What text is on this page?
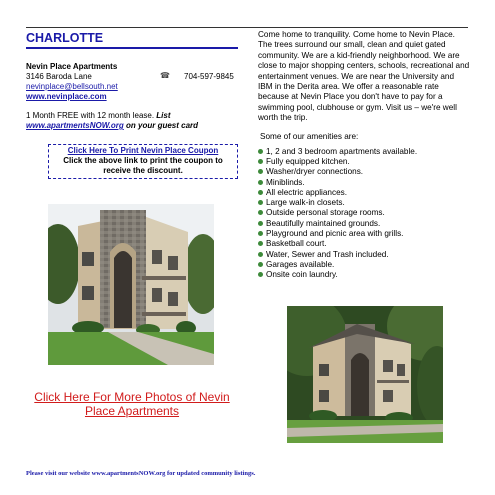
CHARLOTTE
Nevin Place Apartments
3146 Baroda Lane	☎ 704-597-9845
nevinplace@bellsouth.net
www.nevinplace.com
1 Month FREE with 12 month lease. List www.apartmentsNOW.org on your guest card
Click Here To Print Nevin Place Coupon
Click the above link to print the coupon to receive the discount.
Click Here For More Photos of Nevin Place Apartments

Come home to tranquility. Come home to Nevin Place. The trees surround our small, clean and quiet gated community. We are a kid-friendly neighborhood. We are close to major shopping centers, schools, recreational and entertainment venues. We are near the University and IBM in the Derita area. We offer a reasonable rate because at Nevin Place you don't have to pay for a swimming pool, clubhouse or gym. Visit us – we're well worth the trip.

Some of our amenities are:

1, 2 and 3 bedroom apartments available.
Fully equipped kitchen.
Washer/dryer connections.
Miniblinds.
All electric appliances.
Large walk-in closets.
Outside personal storage rooms.
Beautifully maintained grounds.
Playground and picnic area with grills.
Basketball court.
Water, Sewer and Trash included.
Garages available.
Onsite coin laundry.
Please visit our website www.apartmentsNOW.org for updated community listings.
